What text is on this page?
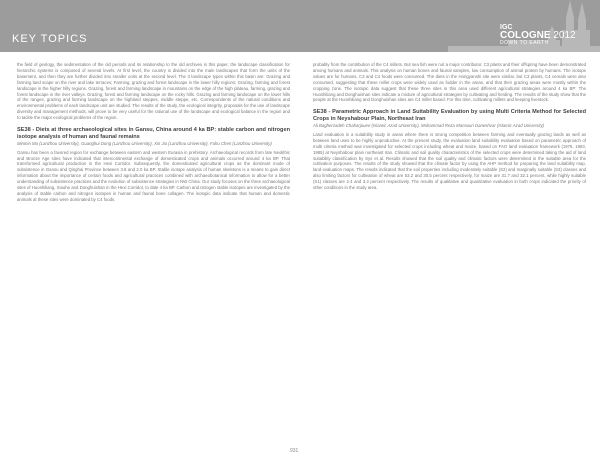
KEY TOPICS
IGC
COLOGNE 2012
DOWN TO EARTH

the field of geology, the sedimentation of the old periods and its relationship to the old archives in this paper, the landscape classification for hierarchic systems is composed of several levels. At first level, the country is divided into the main landscapes that form the units of the basement, and then they are further divided into smaller units at the second level. The 3 landscape types within this basin are: Grazing and farming land scape on the river and lake terraces; Farming, grazing and forest landscape in the lower hilly regions; Grazing, farming and forest landscape in the higher hilly regions. Grazing, forest and farming landscape in mountains on the edge of the high plateau, farming, grazing and forest landscape in the river valleys. Grazing, forest and farming landscape on the rocky hills. Grazing and farming landscape on the lower hills of the ranges, grazing and farming landscape on the highland steppes, middle steppe, etc. Correspondents of the natural conditions and environmental problems of each landscape unit are studied. The results of the study, the ecological integrity, proposals for the use of landscape diversity and management methods, will prove to be very useful for the rational use of the landscape and ecological balance in the region and to tackle the major ecological problems of the region.

SE38 - Diets at three archaeological sites in Gansu, China around 4 ka BP: stable carbon and nitrogen isotope analysis of human and faunal remains
Minmin Ma (Lanzhou University), Guanghui Dong (Lanzhou University), Xin Jia (Lanzhou University), Fahu Chen (Lanzhou University)

Gansu has been a favored region for exchange between eastern and western Eurasia in prehistory. Archaeological records from late Neolithic and Bronze Age sites have indicated that intercontinental exchange of domesticated crops and animals occurred around 4 ka BP. That transformed agricultural production in the Hexi Corridor. Subsequently, the domesticated agricultural crops as the dominant mode of subsistence in Gansu and Qinghai Province between 3.8 and 2.0 ka BP. Stable isotope analysis of human skeletons is a means to gain direct information about the importance of certain foods and agricultural practices combined with archaeobotanical information to allow for a better understanding of subsistence practices and the evolution of subsistence strategies in NW China. Our study focuses on the three archaeological sites of Huoshiliang, Xiaohe and Donghuishan in the Hexi Corridor, to date 4 ka BP. Carbon and nitrogen stable isotopes are investigated by the analysis of stable carbon and nitrogen isotopes in human and faunal bone collagen. The isotopic data indicate that human and domestic animals at these sites were dominated by C4 foods.

probably from the contribution of the C4 millets. But sea fish were not a major contributor. C3 plants and their offspring have been demonstrated among humans and animals. This analysis on human bones and faunal samples, low consumption of animal protein by humans. The isotope values are for humans, C3 and C4 foods were consumed. The diets in the Hongyanshi site were similar, but C3 plants, C4 cereals were also consumed, suggesting that these millet crops were widely used as fodder in the areas, and that their grazing areas were mostly within the cropping zone. The isotopic data suggest that these three sites in this area used different agricultural strategies around 4 ka BP: The Huoshiliang and Donghuishan sites indicate a mixture of agricultural strategies by cultivating and herding. The results of the study show that the people at the Huoshiliang and Donghuishan sites are C4 millet based. For this time, cultivating millets and keeping livestock.

SE38 - Parametric Approach in Land Suitability Evaluation by using Multi Criteria Method for Selected Crops in Neyshabour Plain, Northeast Iran
Ali Bagherzadeh Chaharjouee (Islamic Azad University), Mohammad Reza Mansouri Daneshvar (Islamic Azad University)

Land evaluation is a suitability study in areas where there is strong competition between farming and eventually grazing lands as well as between land uses to be highly unproductive. At the present study, the evaluation land suitability evaluation based on parametric approach of multi criteria method was investigated for selected crops including wheat and maize, based on FAO land evaluation framework (1976, 1983, 1985) at Neyshabour plain northeast Iran. Climatic and soil quality characteristics of the selected crops were determined taking the aid of land suitability classification by Sys et al. Results showed that the soil quality and climatic factors were determined in the suitable area for the cultivation purposes. The results of the study showed that the climate factor by using the AHP method for preparing the land suitability map, land evaluation maps. The results indicated that the soil properties including moderately suitable (S2) and marginally suitable (S3) classes and also limiting factors for cultivation of wheat are 53.2 and 30.5 percent respectively, for maize are 31.7 and 32.1 percent, while highly suitable (S1) classes are 2.4 and 3.3 percent respectively. The results of qualitative and quantitative evaluation in both crops indicated the priority of other conditions in the study area.

931
